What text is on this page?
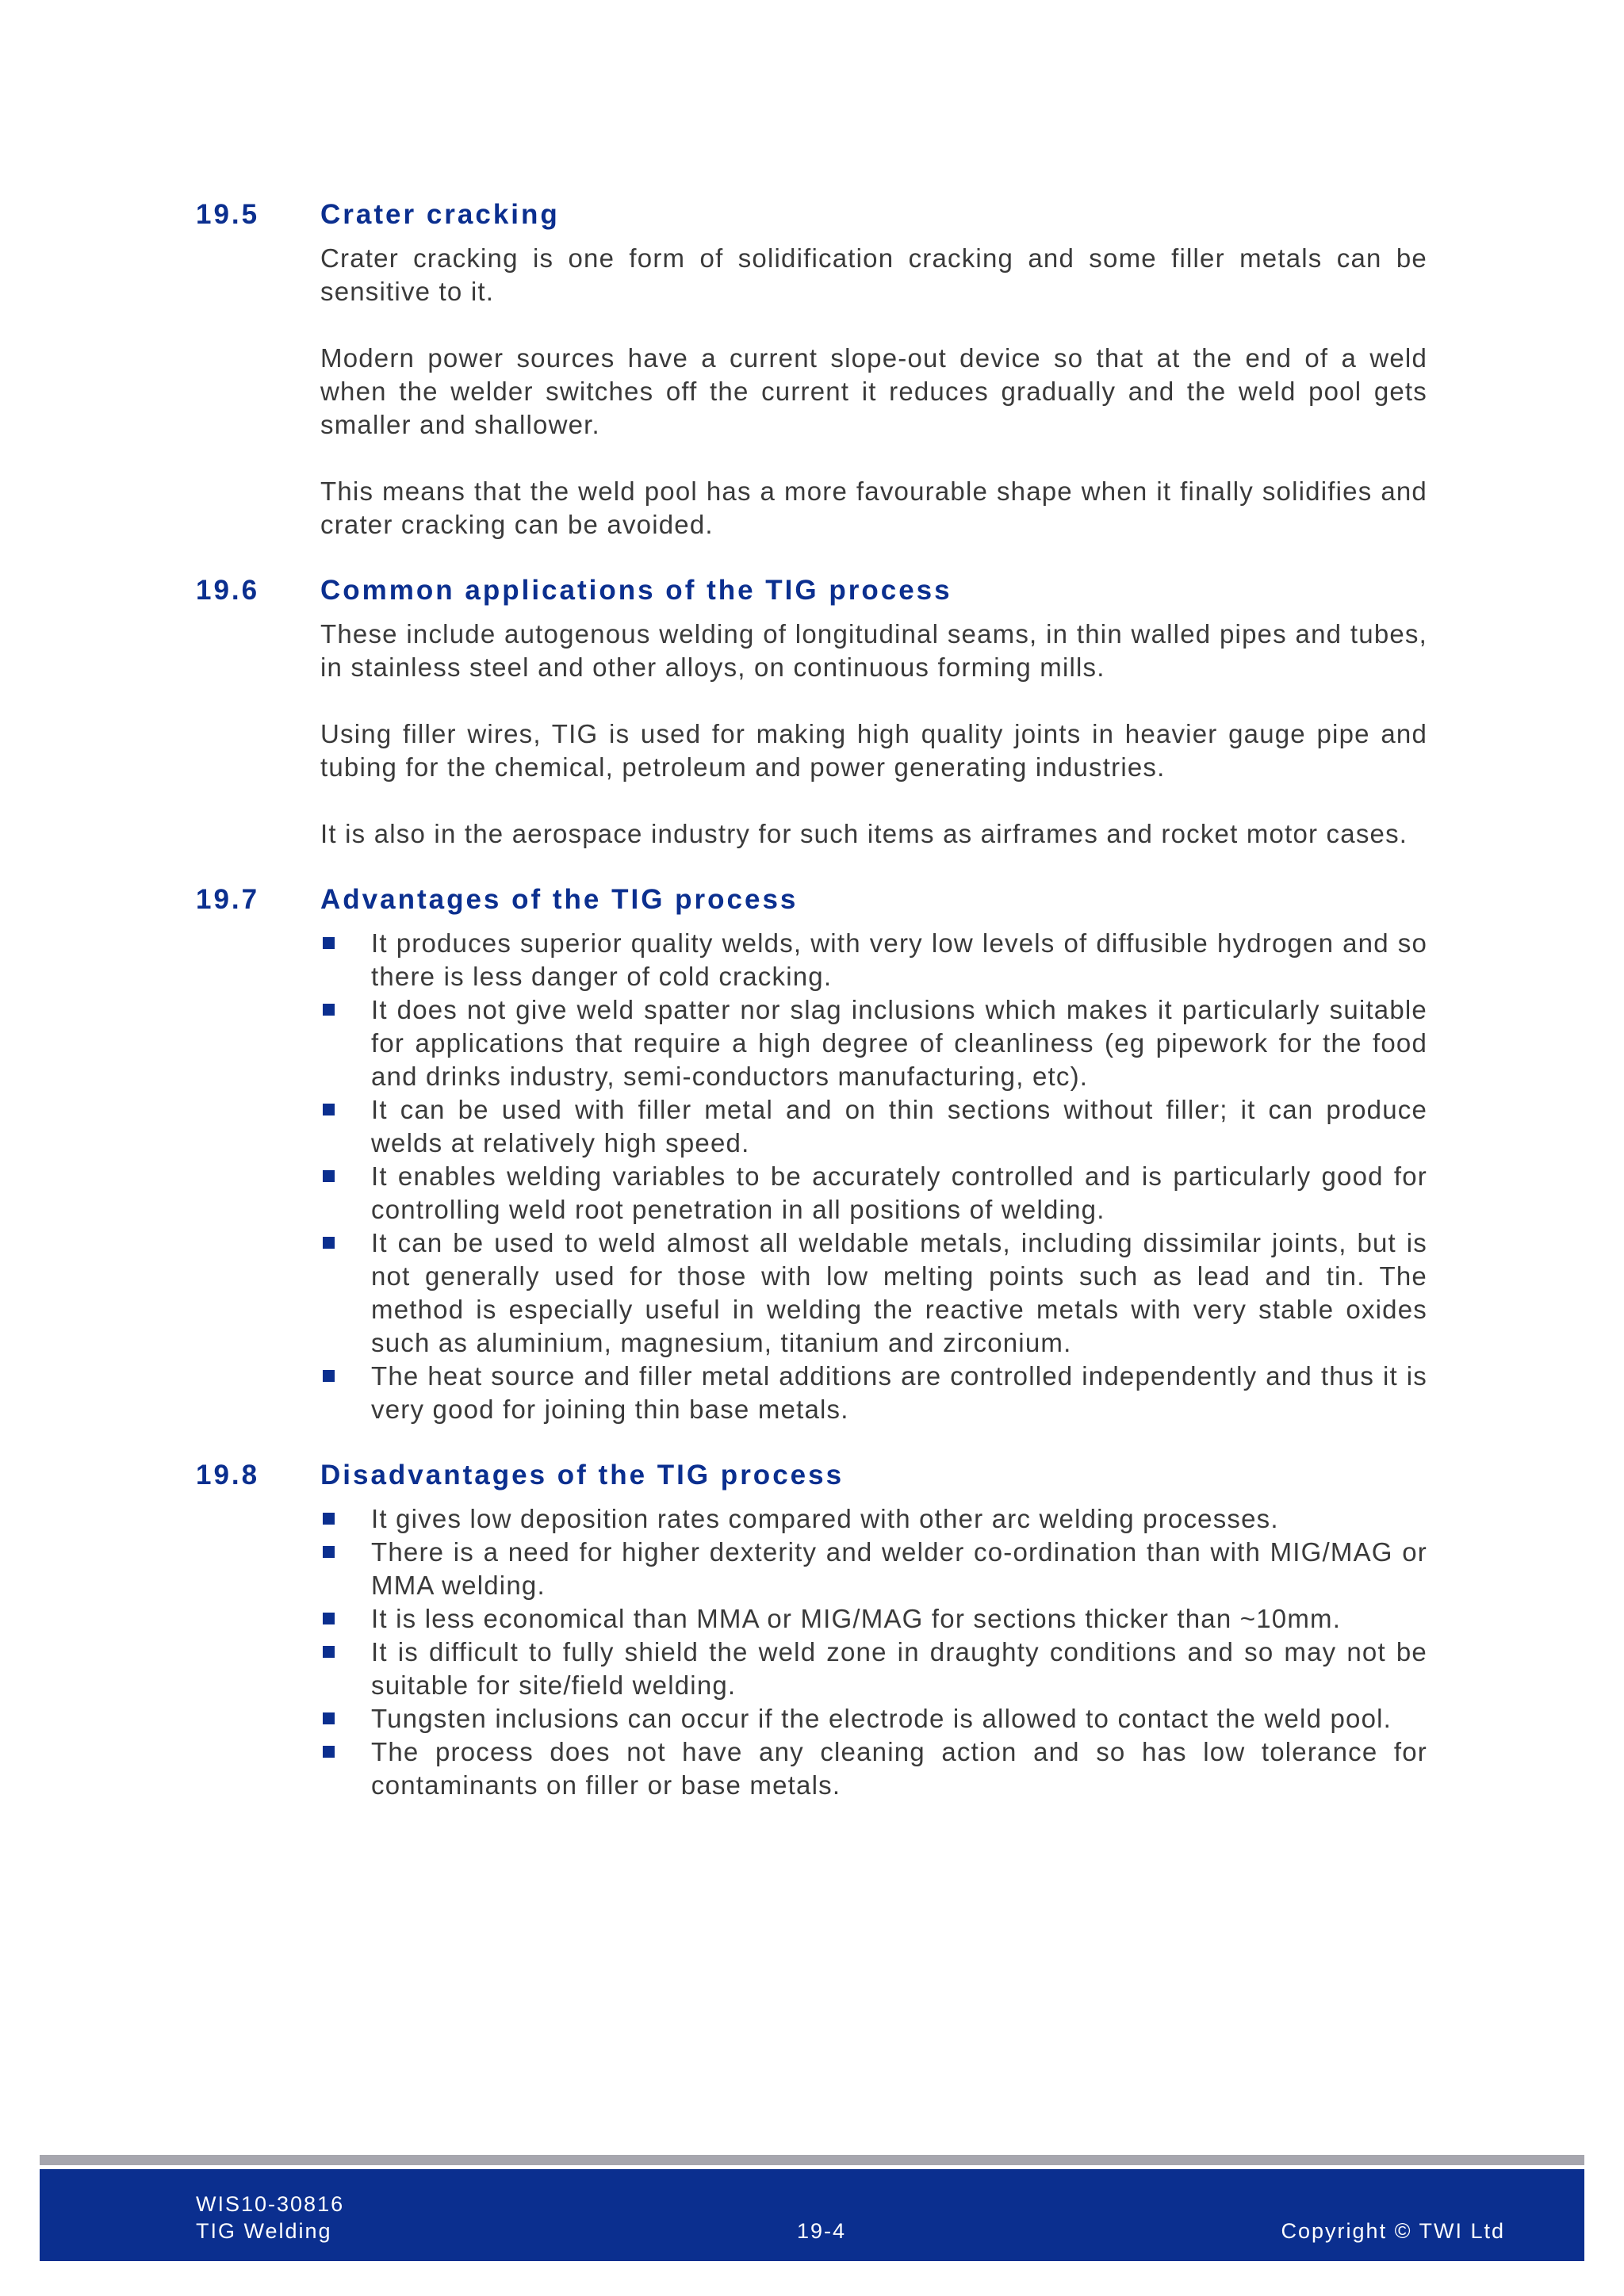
19.5 Crater cracking

Crater cracking is one form of solidification cracking and some filler metals can be sensitive to it.

Modern power sources have a current slope-out device so that at the end of a weld when the welder switches off the current it reduces gradually and the weld pool gets smaller and shallower.

This means that the weld pool has a more favourable shape when it finally solidifies and crater cracking can be avoided.

19.6 Common applications of the TIG process

These include autogenous welding of longitudinal seams, in thin walled pipes and tubes, in stainless steel and other alloys, on continuous forming mills.

Using filler wires, TIG is used for making high quality joints in heavier gauge pipe and tubing for the chemical, petroleum and power generating industries.

It is also in the aerospace industry for such items as airframes and rocket motor cases.

19.7 Advantages of the TIG process
It produces superior quality welds, with very low levels of diffusible hydrogen and so there is less danger of cold cracking.
It does not give weld spatter nor slag inclusions which makes it particularly suitable for applications that require a high degree of cleanliness (eg pipework for the food and drinks industry, semi-conductors manufacturing, etc).
It can be used with filler metal and on thin sections without filler; it can produce welds at relatively high speed.
It enables welding variables to be accurately controlled and is particularly good for controlling weld root penetration in all positions of welding.
It can be used to weld almost all weldable metals, including dissimilar joints, but is not generally used for those with low melting points such as lead and tin. The method is especially useful in welding the reactive metals with very stable oxides such as aluminium, magnesium, titanium and zirconium.
The heat source and filler metal additions are controlled independently and thus it is very good for joining thin base metals.
19.8 Disadvantages of the TIG process
It gives low deposition rates compared with other arc welding processes.
There is a need for higher dexterity and welder co-ordination than with MIG/MAG or MMA welding.
It is less economical than MMA or MIG/MAG for sections thicker than ~10mm.
It is difficult to fully shield the weld zone in draughty conditions and so may not be suitable for site/field welding.
Tungsten inclusions can occur if the electrode is allowed to contact the weld pool.
The process does not have any cleaning action and so has low tolerance for contaminants on filler or base metals.
WIS10-30816
TIG Welding	19-4	Copyright © TWI Ltd
